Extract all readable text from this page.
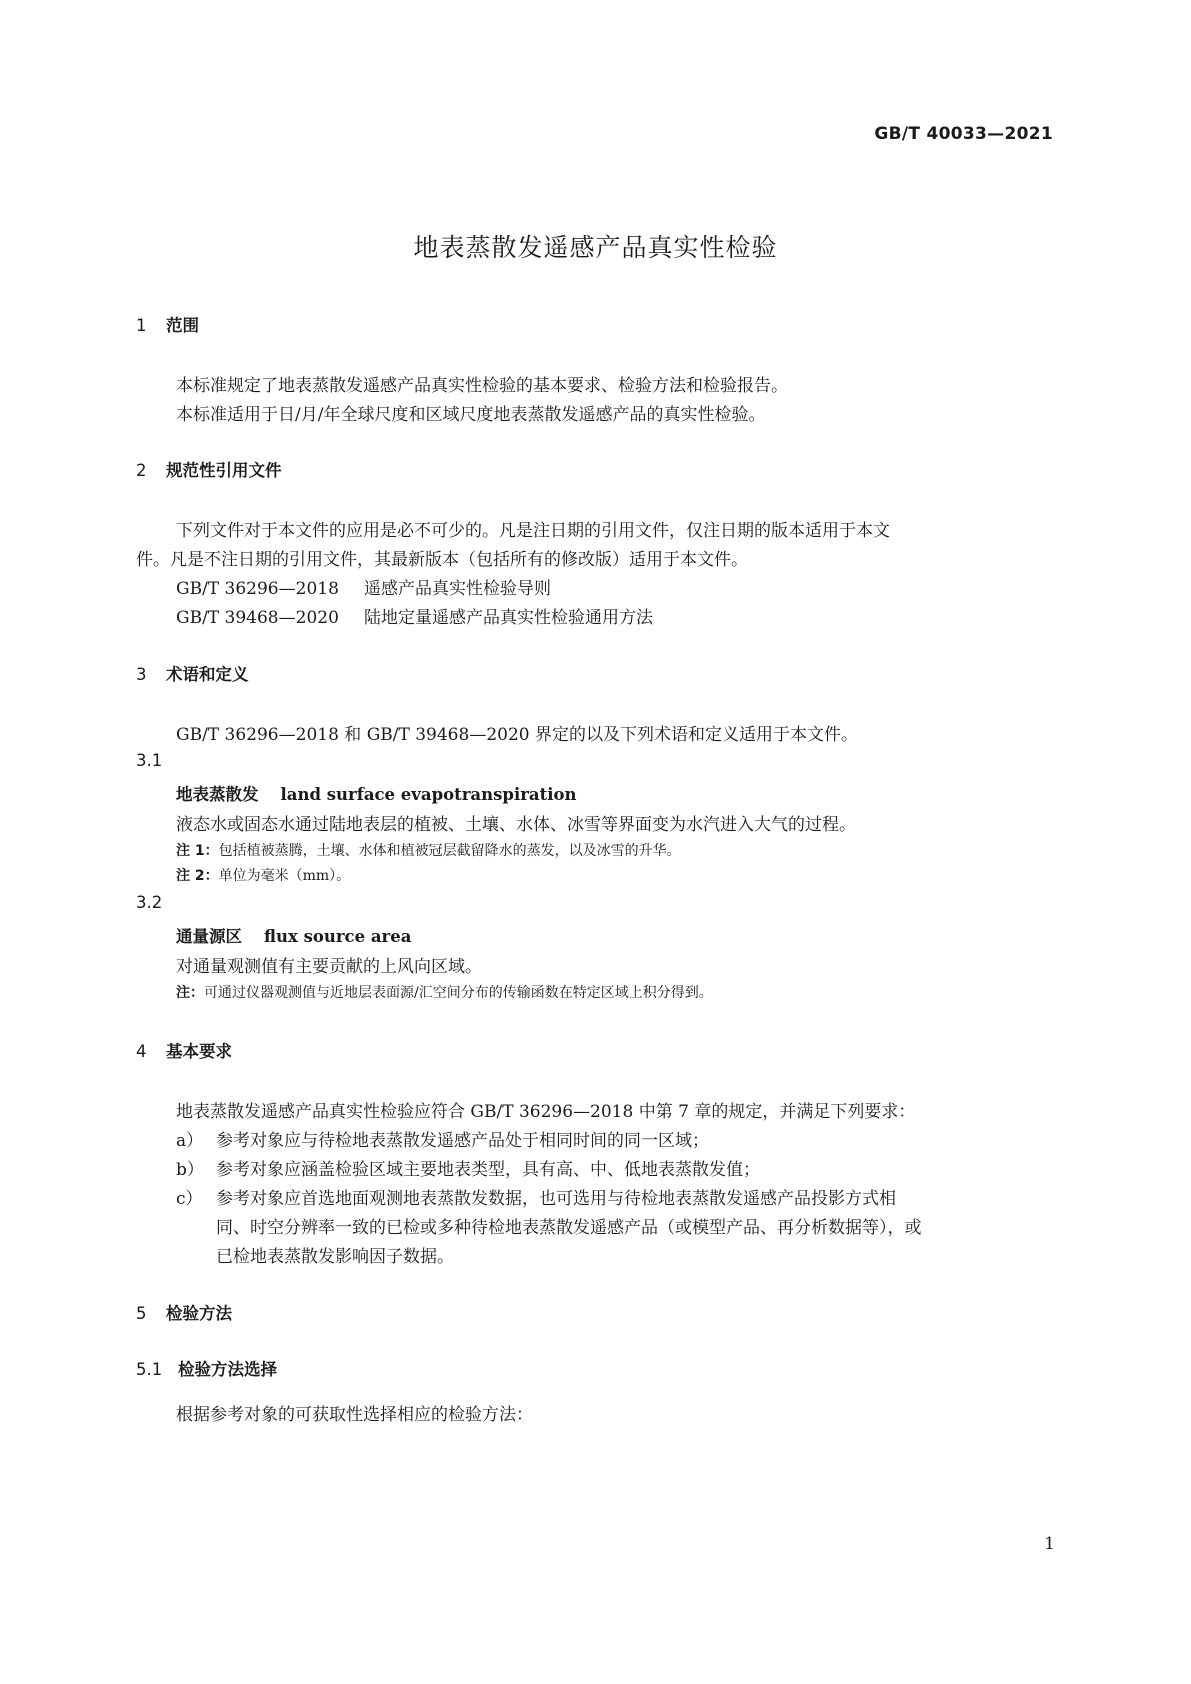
GB/T 40033—2021
地表蒸散发遥感产品真实性检验
1 范围
本标准规定了地表蒸散发遥感产品真实性检验的基本要求、检验方法和检验报告。
本标准适用于日/月/年全球尺度和区域尺度地表蒸散发遥感产品的真实性检验。
2 规范性引用文件
下列文件对于本文件的应用是必不可少的。凡是注日期的引用文件，仅注日期的版本适用于本文
件。凡是不注日期的引用文件，其最新版本（包括所有的修改版）适用于本文件。
GB/T 36296—2018 遥感产品真实性检验导则
GB/T 39468—2020 陆地定量遥感产品真实性检验通用方法
3 术语和定义
GB/T 36296—2018 和 GB/T 39468—2020 界定的以及下列术语和定义适用于本文件。
3.1
地表蒸散发 land surface evapotranspiration
液态水或固态水通过陆地表层的植被、土壤、水体、冰雪等界面变为水汽进入大气的过程。
注 1：包括植被蒸腾，土壤、水体和植被冠层截留降水的蒸发，以及冰雪的升华。
注 2：单位为毫米（mm）。
3.2
通量源区 flux source area
对通量观测值有主要贡献的上风向区域。
注：可通过仪器观测值与近地层表面源/汇空间分布的传输函数在特定区域上积分得到。
4 基本要求
地表蒸散发遥感产品真实性检验应符合 GB/T 36296—2018 中第 7 章的规定，并满足下列要求：
a） 参考对象应与待检地表蒸散发遥感产品处于相同时间的同一区域；
b） 参考对象应涵盖检验区域主要地表类型，具有高、中、低地表蒸散发值；
c） 参考对象应首选地面观测地表蒸散发数据，也可选用与待检地表蒸散发遥感产品投影方式相
同、时空分辨率一致的已检或多种待检地表蒸散发遥感产品（或模型产品、再分析数据等），或
已检地表蒸散发影响因子数据。
5 检验方法
5.1 检验方法选择
根据参考对象的可获取性选择相应的检验方法：
1
